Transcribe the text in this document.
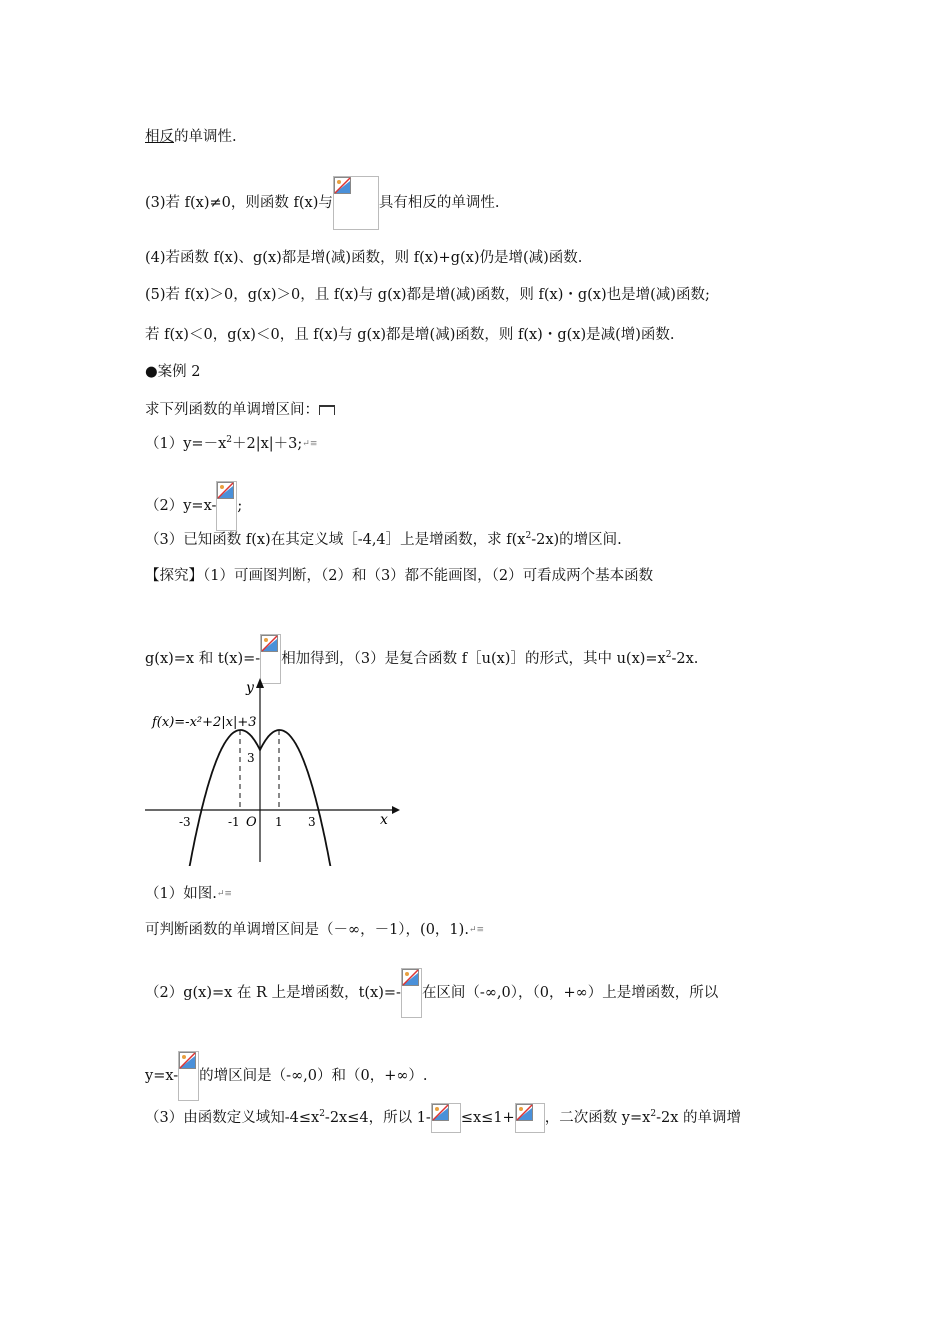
相反的单调性.
(3)若 f(x)≠0，则函数 f(x)与	具有相反的单调性.
(4)若函数 f(x)、g(x)都是增(减)函数，则 f(x)+g(x)仍是增(减)函数.
(5)若 f(x)＞0，g(x)＞0，且 f(x)与 g(x)都是增(减)函数，则 f(x)・g(x)也是增(减)函数;
若 f(x)＜0，g(x)＜0，且 f(x)与 g(x)都是增(减)函数，则 f(x)・g(x)是减(增)函数.
●案例 2
求下列函数的单调增区间：
$(1)y=-x^2+2|x|+3;↵\equiv$
（2）y=x- ;
（3）已知函数 f(x)在其定义域［-4,4］上是增函数，求 $f(x^2-2x)$的增区间.
【探究】（1）可画图判断，（2）和（3）都不能画图，（2）可看成两个基本函数
g(x)=x 和 t(x)=- 相加得到，（3）是复合函数 f［u(x)］的形式，其中 $u(x)=x^2-2x$.
f(x)=-x²+2|x|+3
y
x
3
O
-3	-1	1 3
（1）如图.↵≡
可判断函数的单调增区间是（－∞，－1），(0，1).↵≡
（2）g(x)=x 在 R 上是增函数，t(x)=- 在区间（-∞,0），（0，+∞）上是增函数，所以
y=x- 的增区间是（-∞,0）和（0，+∞）.
（3）由函数定义域知$-4\le x^2-2x\le 4$，所以 1- ≤x≤1+ ，二次函数 $y=x^2-2x$ 的单调增
